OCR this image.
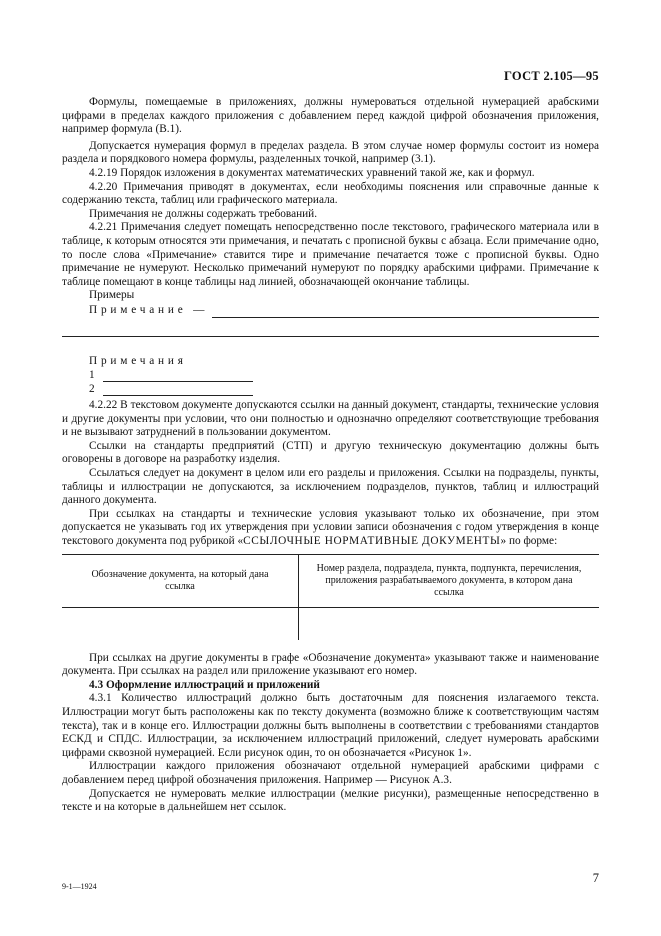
ГОСТ 2.105—95

Формулы, помещаемые в приложениях, должны нумероваться отдельной нумерацией арабскими цифрами в пределах каждого приложения с добавлением перед каждой цифрой обозначения приложения, например формула (В.1).

Допускается нумерация формул в пределах раздела. В этом случае номер формулы состоит из номера раздела и порядкового номера формулы, разделенных точкой, например (3.1).

4.2.19 Порядок изложения в документах математических уравнений такой же, как и формул.

4.2.20 Примечания приводят в документах, если необходимы пояснения или справочные данные к содержанию текста, таблиц или графического материала.

Примечания не должны содержать требований.

4.2.21 Примечания следует помещать непосредственно после текстового, графического материала или в таблице, к которым относятся эти примечания, и печатать с прописной буквы с абзаца. Если примечание одно, то после слова «Примечание» ставится тире и примечание печатается тоже с прописной буквы. Одно примечание не нумеруют. Несколько примечаний нумеруют по порядку арабскими цифрами. Примечание к таблице помещают в конце таблицы над линией, обозначающей окончание таблицы.

Примеры

Примечание —
Примечания
1
2

4.2.22 В текстовом документе допускаются ссылки на данный документ, стандарты, технические условия и другие документы при условии, что они полностью и однозначно определяют соответствующие требования и не вызывают затруднений в пользовании документом.

Ссылки на стандарты предприятий (СТП) и другую техническую документацию должны быть оговорены в договоре на разработку изделия.

Ссылаться следует на документ в целом или его разделы и приложения. Ссылки на подразделы, пункты, таблицы и иллюстрации не допускаются, за исключением подразделов, пунктов, таблиц и иллюстраций данного документа.

При ссылках на стандарты и технические условия указывают только их обозначение, при этом допускается не указывать год их утверждения при условии записи обозначения с годом утверждения в конце текстового документа под рубрикой «ССЫЛОЧНЫЕ НОРМАТИВНЫЕ ДОКУМЕНТЫ» по форме:

Обозначение документа, на который дана ссылка	Номер раздела, подраздела, пункта, подпункта, перечисления, приложения разрабатываемого документа, в котором дана ссылка

При ссылках на другие документы в графе «Обозначение документа» указывают также и наименование документа. При ссылках на раздел или приложение указывают его номер.

4.3 Оформление иллюстраций и приложений

4.3.1 Количество иллюстраций должно быть достаточным для пояснения излагаемого текста. Иллюстрации могут быть расположены как по тексту документа (возможно ближе к соответствующим частям текста), так и в конце его. Иллюстрации должны быть выполнены в соответствии с требованиями стандартов ЕСКД и СПДС. Иллюстрации, за исключением иллюстраций приложений, следует нумеровать арабскими цифрами сквозной нумерацией. Если рисунок один, то он обозначается «Рисунок 1».

Иллюстрации каждого приложения обозначают отдельной нумерацией арабскими цифрами с добавлением перед цифрой обозначения приложения. Например — Рисунок А.3.

Допускается не нумеровать мелкие иллюстрации (мелкие рисунки), размещенные непосредственно в тексте и на которые в дальнейшем нет ссылок.

9-1—1924
7
